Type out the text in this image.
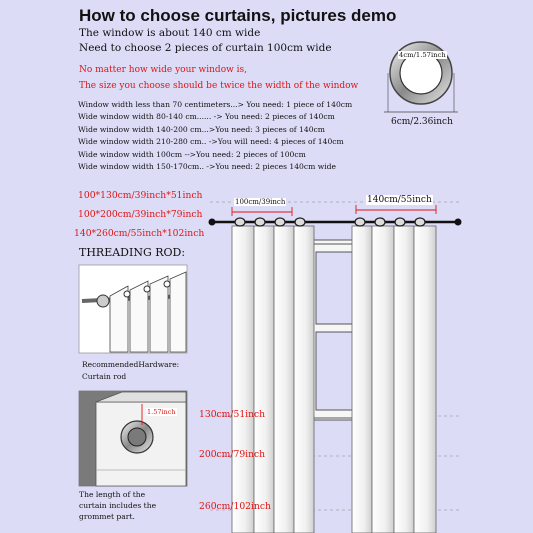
How to choose curtains, pictures demo
The window is about 140 cm wide
Need to choose 2 pieces of curtain 100cm wide
No matter how wide your window is,
The size you choose should be twice the width of the window
Window width less than 70 centimeters...> You need: 1 piece of 140cm
Wide window width 80-140 cm...... -> You need: 2 pieces of 140cm
Wide window width 140-200 cm...>You need: 3 pieces of 140cm
Wide window width 210-280 cm.. ->You will need: 4 pieces of 140cm
Wide window width 100cm -->You need: 2 pieces of 100cm
Wide window width 150-170cm.. ->You need: 2 pieces 140cm wide
4cm/1.57inch
6cm/2.36inch
100*130cm/39inch*51inch
100*200cm/39inch*79inch
140*260cm/55inch*102inch
THREADING ROD:
RecommendedHardware:
Curtain rod
1.57inch
The length of the
curtain includes the
grommet part.
100cm/39inch	140cm/55inch
130cm/51inch
200cm/79inch
260cm/102inch
